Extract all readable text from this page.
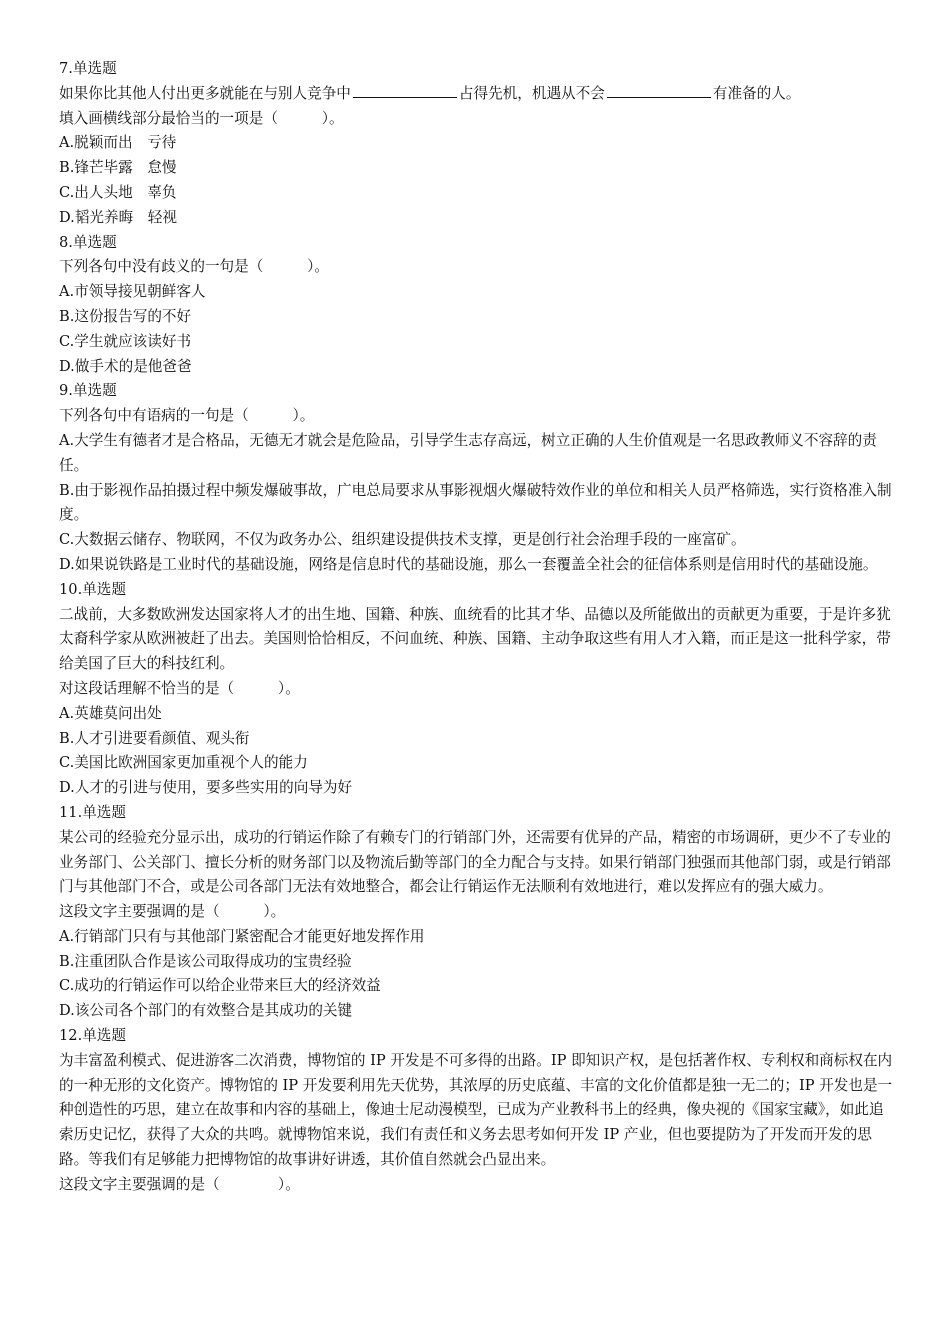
7.单选题
如果你比其他人付出更多就能在与别人竞争中	占得先机，机遇从不会	有准备的人。
填入画横线部分最恰当的一项是（　　　）。
A.脱颖而出　亏待
B.锋芒毕露　怠慢
C.出人头地　辜负
D.韬光养晦　轻视
8.单选题
下列各句中没有歧义的一句是（　　　）。
A.市领导接见朝鲜客人
B.这份报告写的不好
C.学生就应该读好书
D.做手术的是他爸爸
9.单选题
下列各句中有语病的一句是（　　　）。
A.大学生有德者才是合格品，无德无才就会是危险品，引导学生志存高远，树立正确的人生价值观是一名思政教师义不容辞的责任。
B.由于影视作品拍摄过程中频发爆破事故，广电总局要求从事影视烟火爆破特效作业的单位和相关人员严格筛选，实行资格准入制度。
C.大数据云储存、物联网，不仅为政务办公、组织建设提供技术支撑，更是创行社会治理手段的一座富矿。
D.如果说铁路是工业时代的基础设施，网络是信息时代的基础设施，那么一套覆盖全社会的征信体系则是信用时代的基础设施。
10.单选题
二战前，大多数欧洲发达国家将人才的出生地、国籍、种族、血统看的比其才华、品德以及所能做出的贡献更为重要，于是许多犹太裔科学家从欧洲被赶了出去。美国则恰恰相反，不问血统、种族、国籍、主动争取这些有用人才入籍，而正是这一批科学家，带给美国了巨大的科技红利。
对这段话理解不恰当的是（　　　）。
A.英雄莫问出处
B.人才引进要看颜值、观头衔
C.美国比欧洲国家更加重视个人的能力
D.人才的引进与使用，要多些实用的向导为好
11.单选题
某公司的经验充分显示出，成功的行销运作除了有赖专门的行销部门外，还需要有优异的产品，精密的市场调研，更少不了专业的业务部门、公关部门、擅长分析的财务部门以及物流后勤等部门的全力配合与支持。如果行销部门独强而其他部门弱，或是行销部门与其他部门不合，或是公司各部门无法有效地整合，都会让行销运作无法顺利有效地进行，难以发挥应有的强大威力。
这段文字主要强调的是（　　　）。
A.行销部门只有与其他部门紧密配合才能更好地发挥作用
B.注重团队合作是该公司取得成功的宝贵经验
C.成功的行销运作可以给企业带来巨大的经济效益
D.该公司各个部门的有效整合是其成功的关键
12.单选题
为丰富盈利模式、促进游客二次消费，博物馆的 IP 开发是不可多得的出路。IP 即知识产权，是包括著作权、专利权和商标权在内的一种无形的文化资产。博物馆的 IP 开发要利用先天优势，其浓厚的历史底蕴、丰富的文化价值都是独一无二的；IP 开发也是一种创造性的巧思，建立在故事和内容的基础上，像迪士尼动漫模型，已成为产业教科书上的经典，像央视的《国家宝藏》，如此追索历史记忆，获得了大众的共鸣。就博物馆来说，我们有责任和义务去思考如何开发 IP 产业，但也要提防为了开发而开发的思路。等我们有足够能力把博物馆的故事讲好讲透，其价值自然就会凸显出来。
这段文字主要强调的是（　　　　）。
